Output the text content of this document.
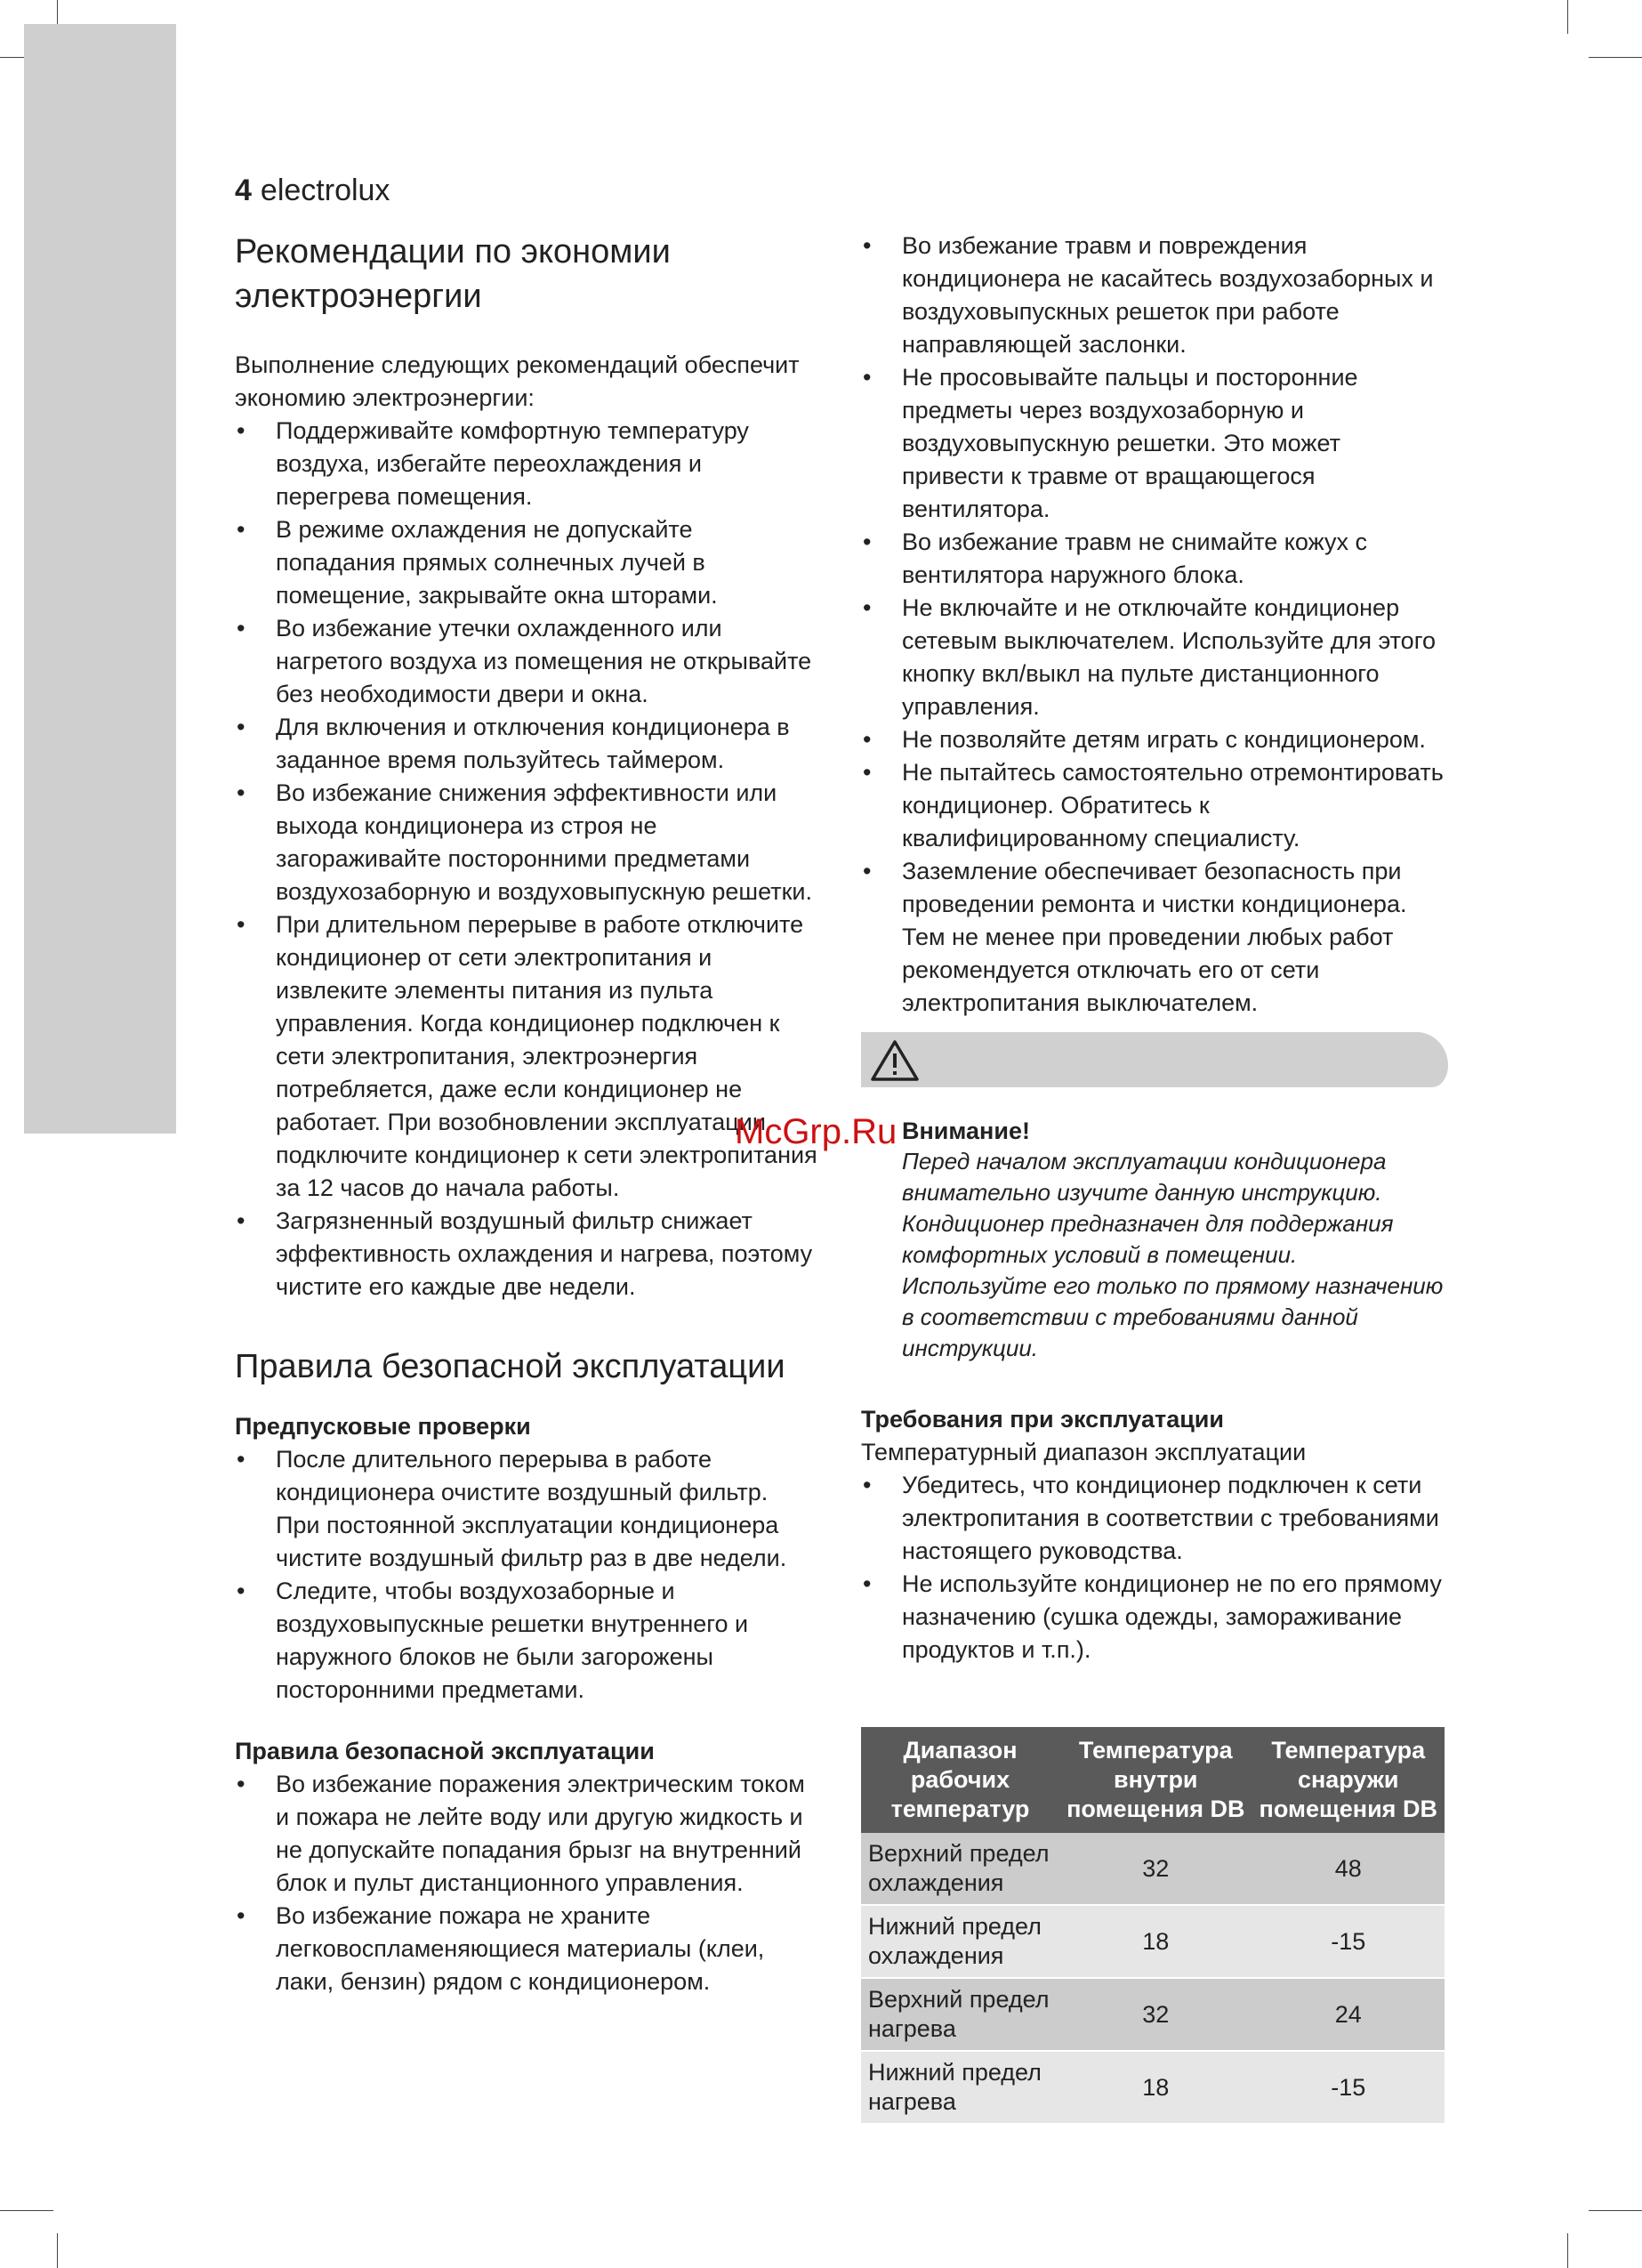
4 electrolux
Рекомендации по экономии
электроэнергии

Выполнение следующих рекомендаций обеспечит экономию электроэнергии:

• Поддерживайте комфортную температуру воздуха, избегайте переохлаждения и перегрева помещения.
• В режиме охлаждения не допускайте попадания прямых солнечных лучей в помещение, закрывайте окна шторами.
• Во избежание утечки охлажденного или нагретого воздуха из помещения не открывайте без необходимости двери и окна.
• Для включения и отключения кондиционера в заданное время пользуйтесь таймером.
• Во избежание снижения эффективности или выхода кондиционера из строя не загораживайте посторонними предметами воздухозаборную и воздуховыпускную решетки.
• При длительном перерыве в работе отключите кондиционер от сети электропитания и извлеките элементы питания из пульта управления. Когда кондиционер подключен к сети электропитания, электроэнергия потребляется, даже если кондиционер не работает. При возобновлении эксплуатации подключите кондиционер к сети электропитания за 12 часов до начала работы.
• Загрязненный воздушный фильтр снижает эффективность охлаждения и нагрева, поэтому чистите его каждые две недели.
Правила безопасной эксплуатации

Предпусковые проверки

• После длительного перерыва в работе кондиционера очистите воздушный фильтр. При постоянной эксплуатации кондиционера чистите воздушный фильтр раз в две недели.
• Следите, чтобы воздухозаборные и воздуховыпускные решетки внутреннего и наружного блоков не были загорожены посторонними предметами.

Правила безопасной эксплуатации

• Во избежание поражения электрическим током и пожара не лейте воду или другую жидкость и не допускайте попадания брызг на внутренний блок и пульт дистанционного управления.
• Во избежание пожара не храните легковоспламеняющиеся материалы (клеи, лаки, бензин) рядом с кондиционером.
• Во избежание травм и повреждения кондиционера не касайтесь воздухозаборных и воздуховыпускных решеток при работе направляющей заслонки.
• Не просовывайте пальцы и посторонние предметы через воздухозаборную и воздуховыпускную решетки. Это может привести к травме от вращающегося вентилятора.
• Во избежание травм не снимайте кожух с вентилятора наружного блока.
• Не включайте и не отключайте кондиционер сетевым выключателем. Используйте для этого кнопку вкл/выкл на пульте дистанционного управления.
• Не позволяйте детям играть с кондиционером.
• Не пытайтесь самостоятельно отремонтировать кондиционер. Обратитесь к квалифицированному специалисту.
• Заземление обеспечивает безопасность при проведении ремонта и чистки кондиционера. Тем не менее при проведении любых работ рекомендуется отключать его от сети электропитания выключателем.

Внимание!

Перед началом эксплуатации кондиционера внимательно изучите данную инструкцию. Кондиционер предназначен для поддержания комфортных условий в помещении. Используйте его только по прямому назначению в соответствии с требованиями данной инструкции.

Требования при эксплуатации

Температурный диапазон эксплуатации

• Убедитесь, что кондиционер подключен к сети электропитания в соответствии с требованиями настоящего руководства.
• Не используйте кондиционер не по его прямому назначению (сушка одежды, замораживание продуктов и т.п.).
Диапазон рабочих температур	Температура внутри помещения DB	Температура снаружи помещения DB
Верхний предел охлаждения	32	48
Нижний предел охлаждения	18	-15
Верхний предел нагрева	32	24
Нижний предел нагрева	18	-15
McGrp.Ru
